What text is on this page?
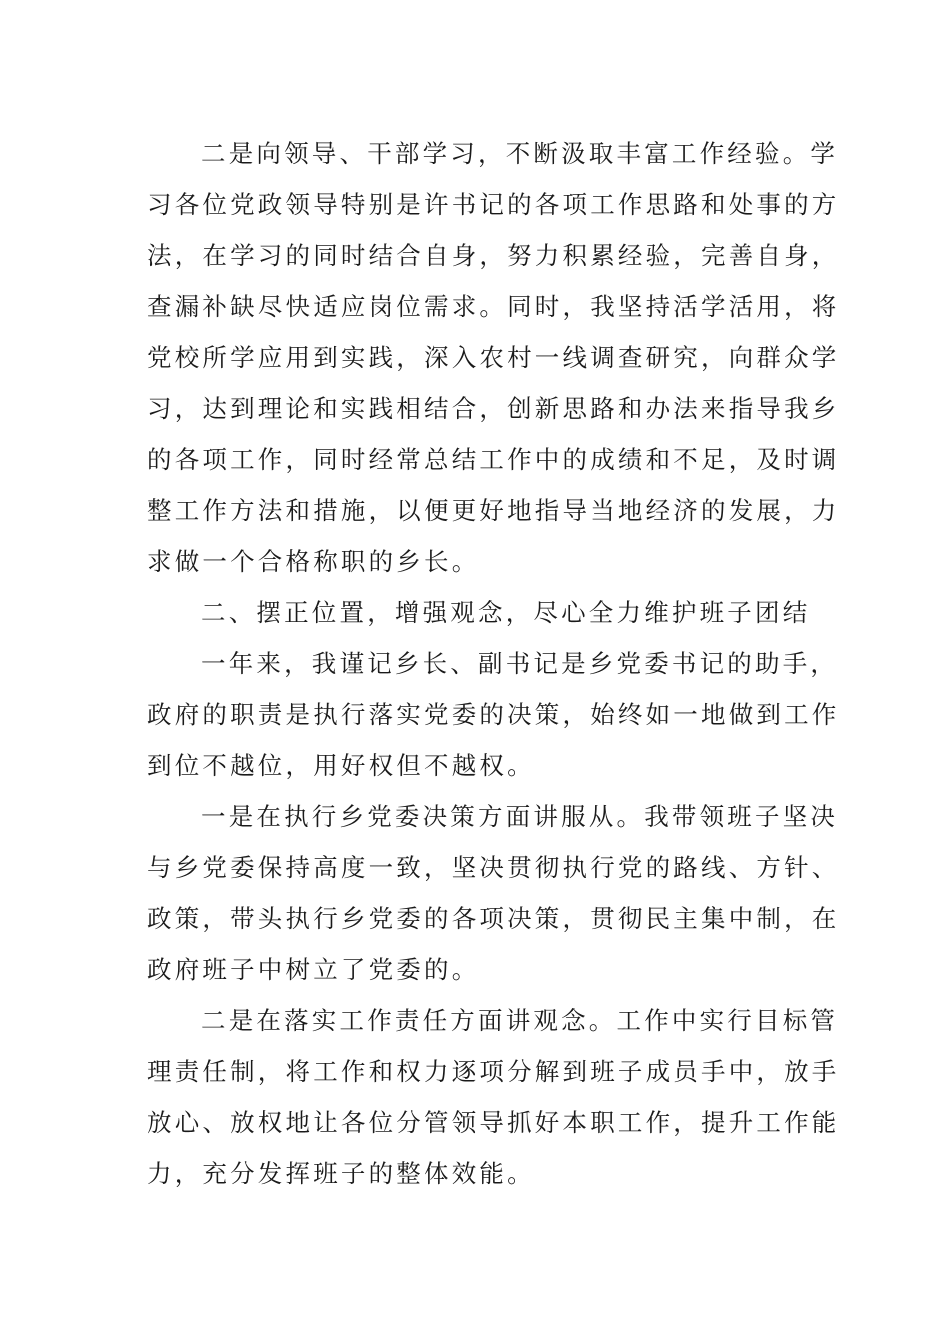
二是向领导、干部学习，不断汲取丰富工作经验。学
习各位党政领导特别是许书记的各项工作思路和处事的方
法，在学习的同时结合自身，努力积累经验，完善自身，
查漏补缺尽快适应岗位需求。同时，我坚持活学活用，将
党校所学应用到实践，深入农村一线调查研究，向群众学
习，达到理论和实践相结合，创新思路和办法来指导我乡
的各项工作，同时经常总结工作中的成绩和不足，及时调
整工作方法和措施，以便更好地指导当地经济的发展，力
求做一个合格称职的乡长。
二、摆正位置，增强观念，尽心全力维护班子团结
一年来，我谨记乡长、副书记是乡党委书记的助手，
政府的职责是执行落实党委的决策，始终如一地做到工作
到位不越位，用好权但不越权。
一是在执行乡党委决策方面讲服从。我带领班子坚决
与乡党委保持高度一致，坚决贯彻执行党的路线、方针、
政策，带头执行乡党委的各项决策，贯彻民主集中制，在
政府班子中树立了党委的。
二是在落实工作责任方面讲观念。工作中实行目标管
理责任制，将工作和权力逐项分解到班子成员手中，放手
放心、放权地让各位分管领导抓好本职工作，提升工作能
力，充分发挥班子的整体效能。
